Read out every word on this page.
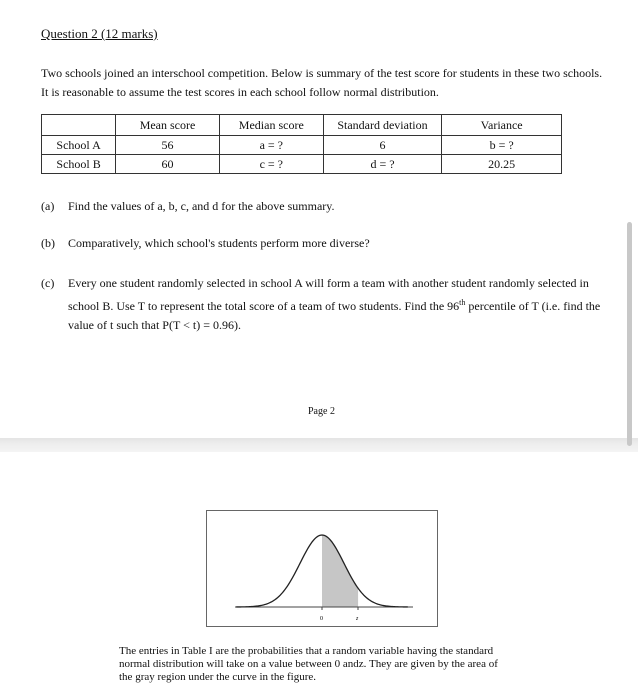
Question 2 (12 marks)
Two schools joined an interschool competition. Below is summary of the test score for students in these two schools. It is reasonable to assume the test scores in each school follow normal distribution.
	Mean score	Median score	Standard deviation	Variance
School A	56	a = ?	6	b = ?
School B	60	c = ?	d = ?	20.25
(a) Find the values of a, b, c, and d for the above summary.
(b) Comparatively, which school's students perform more diverse?
(c) Every one student randomly selected in school A will form a team with another student randomly selected in school B. Use T to represent the total score of a team of two students. Find the 96th percentile of T (i.e. find the value of t such that P(T < t) = 0.96).
Page 2
0	z
The entries in Table I are the probabilities that a random variable having the standard normal distribution will take on a value between 0 andz. They are given by the area of the gray region under the curve in the figure.
